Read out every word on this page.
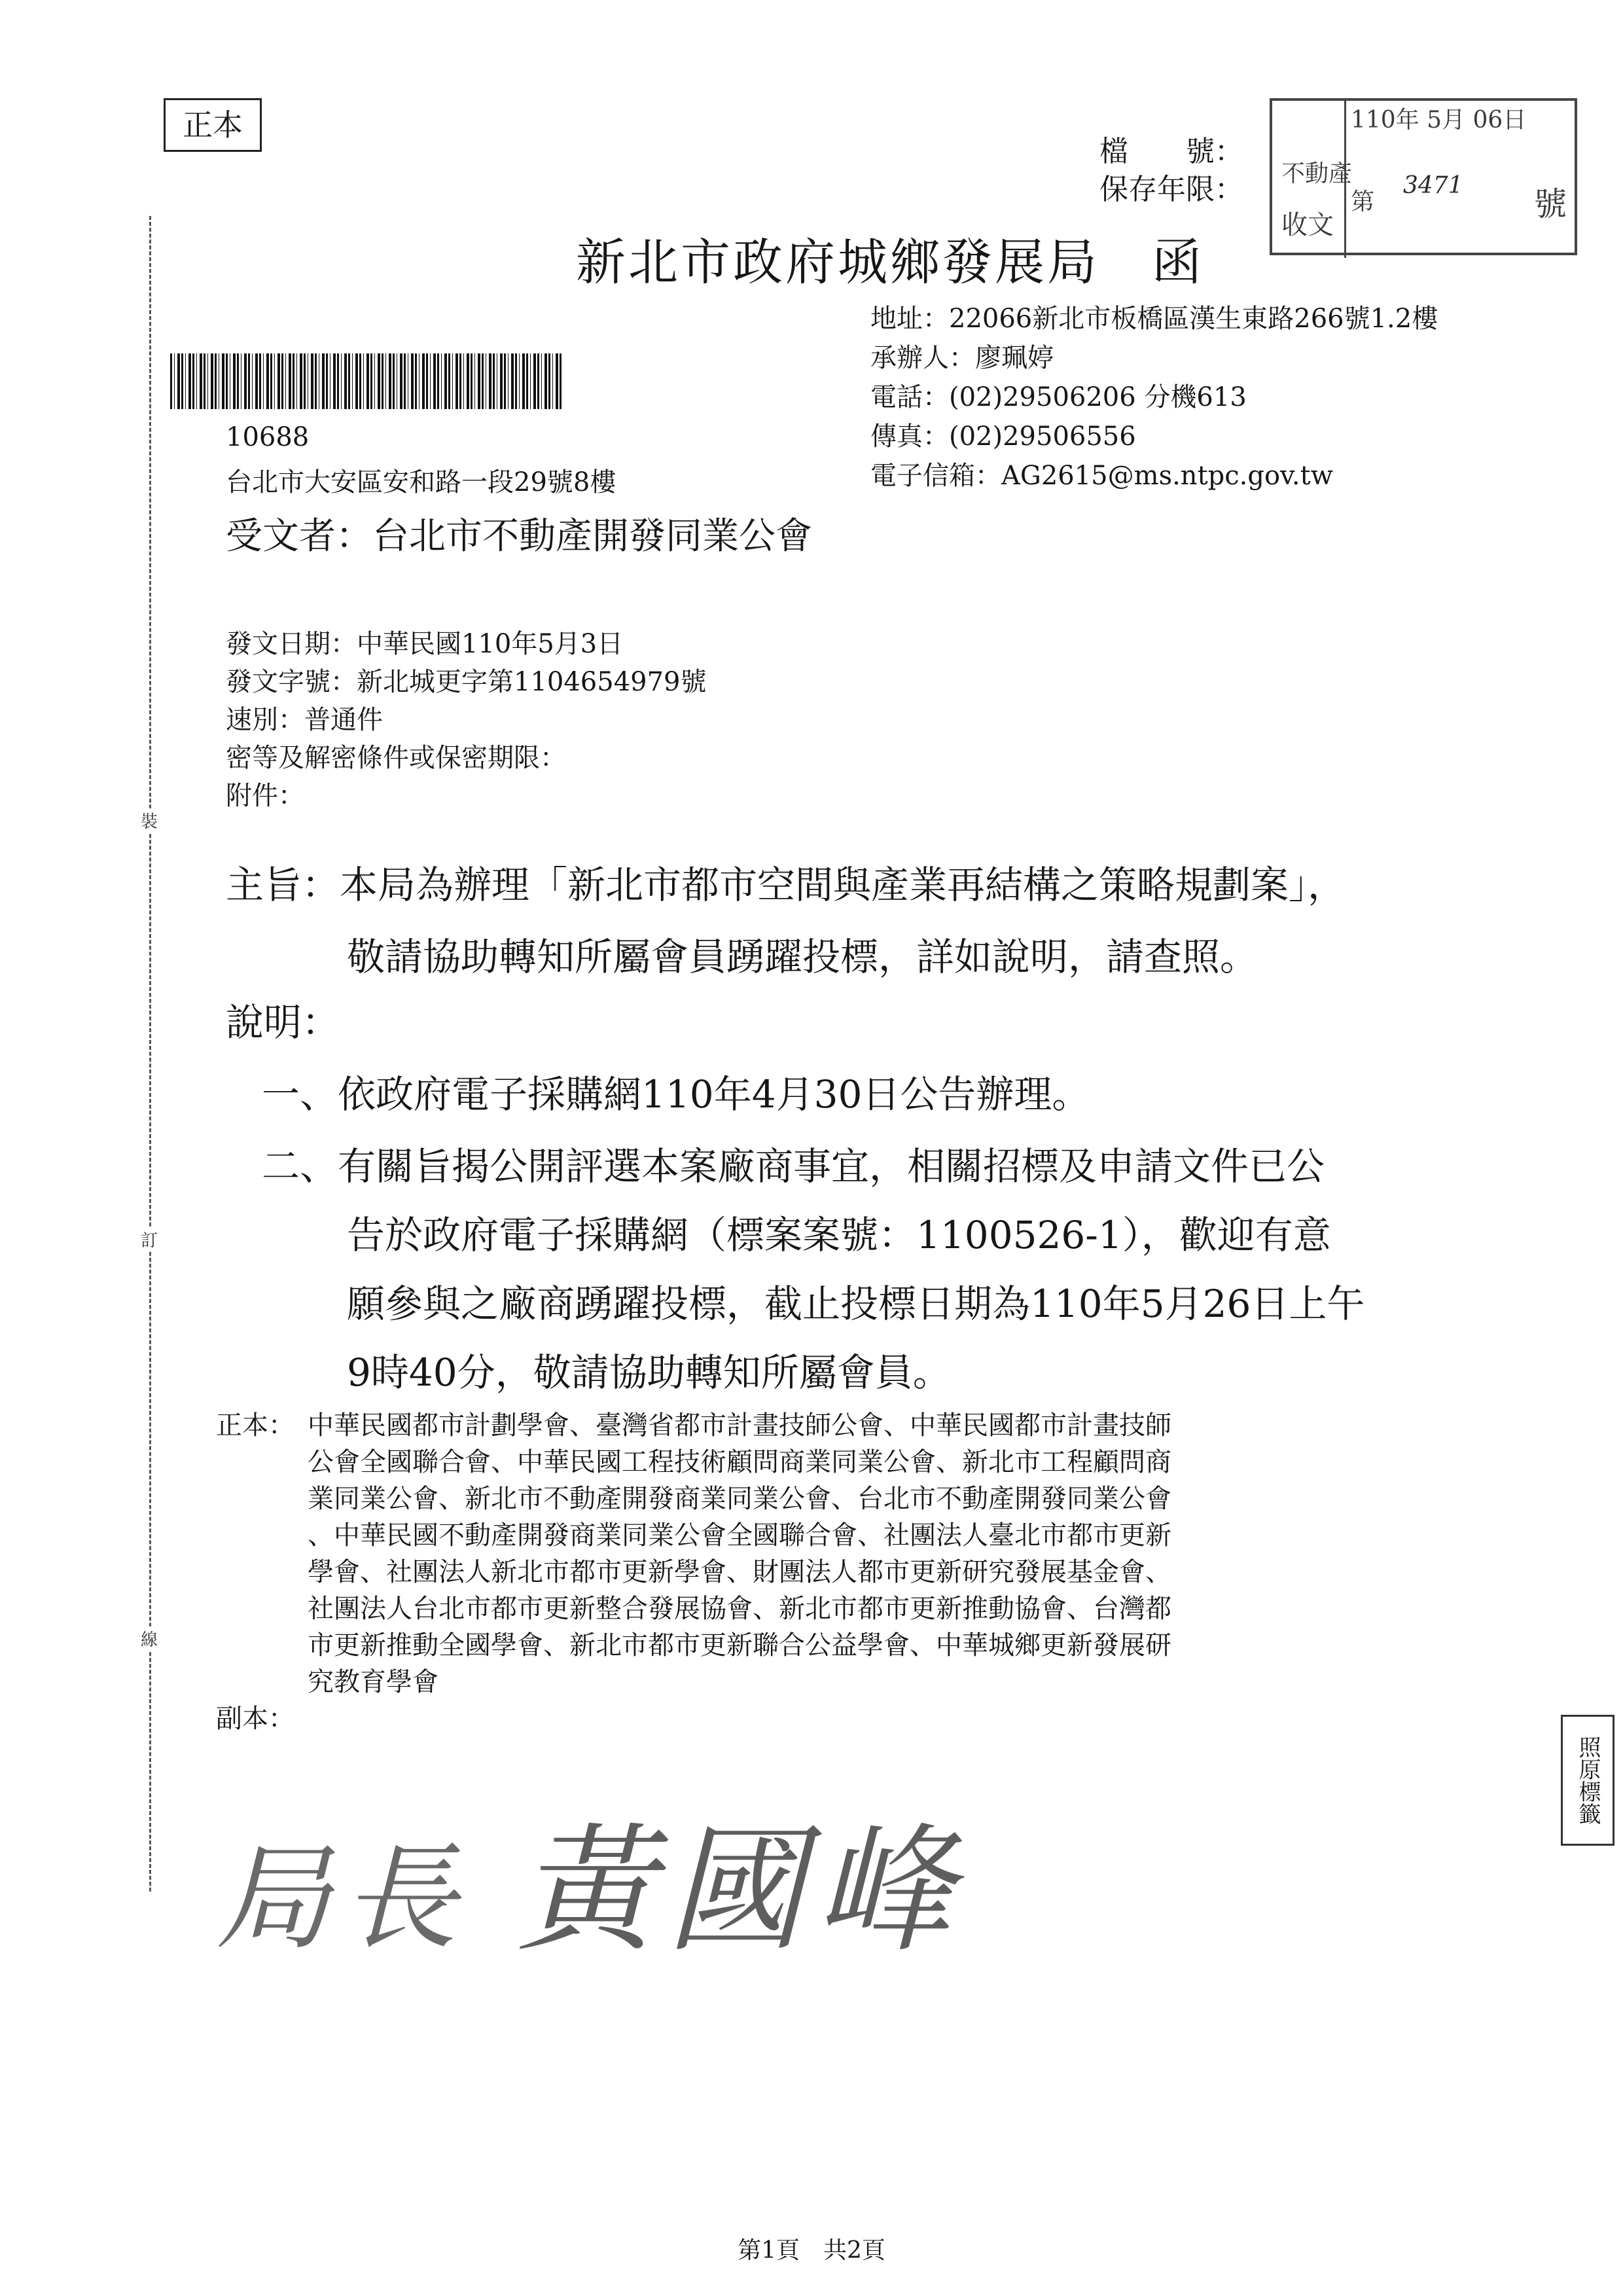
正本
裝
訂
線
檔　　號：
保存年限： 不動產
收文
110年 5月 06日
第
3471 號
新北市政府城鄉發展局　函
地址：22066新北市板橋區漢生東路266號1.2樓
承辦人：廖珮婷
電話：(02)29506206 分機613
傳真：(02)29506556
電子信箱：AG2615@ms.ntpc.gov.tw
10688
台北市大安區安和路一段29號8樓
受文者：台北市不動產開發同業公會
發文日期：中華民國110年5月3日
發文字號：新北城更字第1104654979號
速別：普通件
密等及解密條件或保密期限：
附件：
主旨：本局為辦理「新北市都市空間與產業再結構之策略規劃案」，
敬請協助轉知所屬會員踴躍投標，詳如說明，請查照。
說明：
一、依政府電子採購網110年4月30日公告辦理。
二、有關旨揭公開評選本案廠商事宜，相關招標及申請文件已公
告於政府電子採購網（標案案號：1100526-1），歡迎有意
願參與之廠商踴躍投標，截止投標日期為110年5月26日上午
9時40分，敬請協助轉知所屬會員。
正本： 中華民國都市計劃學會、臺灣省都市計畫技師公會、中華民國都市計畫技師
公會全國聯合會、中華民國工程技術顧問商業同業公會、新北市工程顧問商
業同業公會、新北市不動產開發商業同業公會、台北市不動產開發同業公會
、中華民國不動產開發商業同業公會全國聯合會、社團法人臺北市都市更新
學會、社團法人新北市都市更新學會、財團法人都市更新研究發展基金會、
社團法人台北市都市更新整合發展協會、新北市都市更新推動協會、台灣都
市更新推動全國學會、新北市都市更新聯合公益學會、中華城鄉更新發展研
究教育學會
副本：
照原標籤
局長 黃國峰
第1頁　共2頁
